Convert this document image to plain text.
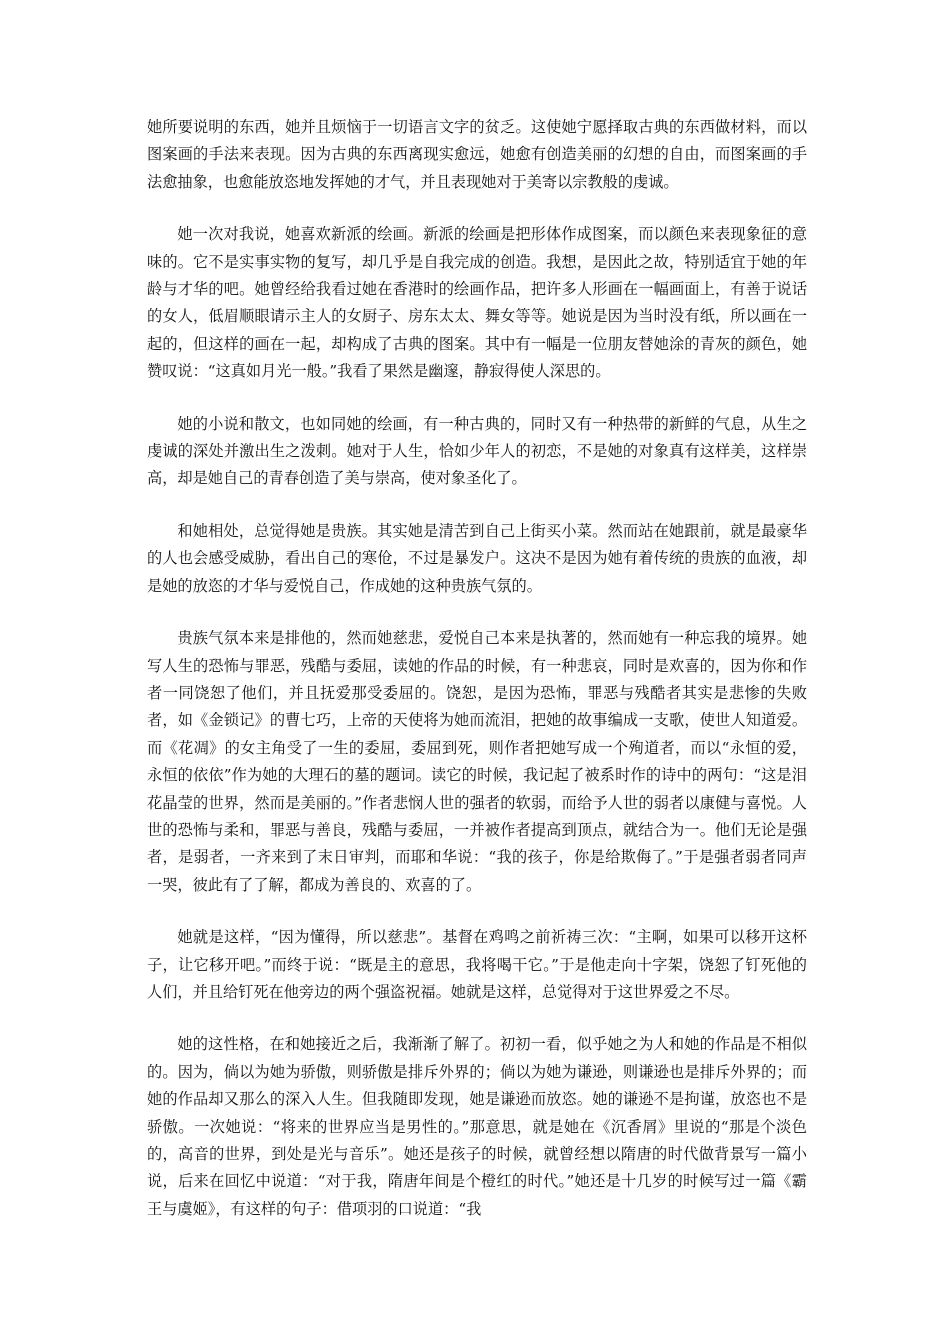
她所要说明的东西，她并且烦恼于一切语言文字的贫乏。这使她宁愿择取古典的东西做材料，而以图案画的手法来表现。因为古典的东西离现实愈远，她愈有创造美丽的幻想的自由，而图案画的手法愈抽象，也愈能放恣地发挥她的才气，并且表现她对于美寄以宗教般的虔诚。

她一次对我说，她喜欢新派的绘画。新派的绘画是把形体作成图案，而以颜色来表现象征的意味的。它不是实事实物的复写，却几乎是自我完成的创造。我想，是因此之故，特别适宜于她的年龄与才华的吧。她曾经给我看过她在香港时的绘画作品，把许多人形画在一幅画面上，有善于说话的女人，低眉顺眼请示主人的女厨子、房东太太、舞女等等。她说是因为当时没有纸，所以画在一起的，但这样的画在一起，却构成了古典的图案。其中有一幅是一位朋友替她涂的青灰的颜色，她赞叹说：“这真如月光一般。”我看了果然是幽邃，静寂得使人深思的。

她的小说和散文，也如同她的绘画，有一种古典的，同时又有一种热带的新鲜的气息，从生之虔诚的深处并激出生之泼刺。她对于人生，恰如少年人的初恋，不是她的对象真有这样美，这样崇高，却是她自己的青春创造了美与崇高，使对象圣化了。

和她相处，总觉得她是贵族。其实她是清苦到自己上街买小菜。然而站在她跟前，就是最豪华的人也会感受威胁，看出自己的寒伧，不过是暴发户。这决不是因为她有着传统的贵族的血液，却是她的放恣的才华与爱悦自己，作成她的这种贵族气氛的。

贵族气氛本来是排他的，然而她慈悲，爱悦自己本来是执著的，然而她有一种忘我的境界。她写人生的恐怖与罪恶，残酷与委屈，读她的作品的时候，有一种悲哀，同时是欢喜的，因为你和作者一同饶恕了他们，并且抚爱那受委屈的。饶恕，是因为恐怖，罪恶与残酷者其实是悲惨的失败者，如《金锁记》的曹七巧，上帝的天使将为她而流泪，把她的故事编成一支歌，使世人知道爱。而《花凋》的女主角受了一生的委屈，委屈到死，则作者把她写成一个殉道者，而以“永恒的爱，永恒的依依”作为她的大理石的墓的题词。读它的时候，我记起了被系时作的诗中的两句：“这是泪花晶莹的世界，然而是美丽的。”作者悲悯人世的强者的软弱，而给予人世的弱者以康健与喜悦。人世的恐怖与柔和，罪恶与善良，残酷与委屈，一并被作者提高到顶点，就结合为一。他们无论是强者，是弱者，一齐来到了末日审判，而耶和华说：“我的孩子，你是给欺侮了。”于是强者弱者同声一哭，彼此有了了解，都成为善良的、欢喜的了。

她就是这样，“因为懂得，所以慈悲”。基督在鸡鸣之前祈祷三次：“主啊，如果可以移开这杯子，让它移开吧。”而终于说：“既是主的意思，我将喝干它。”于是他走向十字架，饶恕了钉死他的人们，并且给钉死在他旁边的两个强盗祝福。她就是这样，总觉得对于这世界爱之不尽。

她的这性格，在和她接近之后，我渐渐了解了。初初一看，似乎她之为人和她的作品是不相似的。因为，倘以为她为骄傲，则骄傲是排斥外界的；倘以为她为谦逊，则谦逊也是排斥外界的；而她的作品却又那么的深入人生。但我随即发现，她是谦逊而放恣。她的谦逊不是拘谨，放恣也不是骄傲。一次她说：“将来的世界应当是男性的。”那意思，就是她在《沉香屑》里说的“那是个淡色的，高音的世界，到处是光与音乐”。她还是孩子的时候，就曾经想以隋唐的时代做背景写一篇小说，后来在回忆中说道：“对于我，隋唐年间是个橙红的时代。”她还是十几岁的时候写过一篇《霸王与虞姬》，有这样的句子：借项羽的口说道：“我
